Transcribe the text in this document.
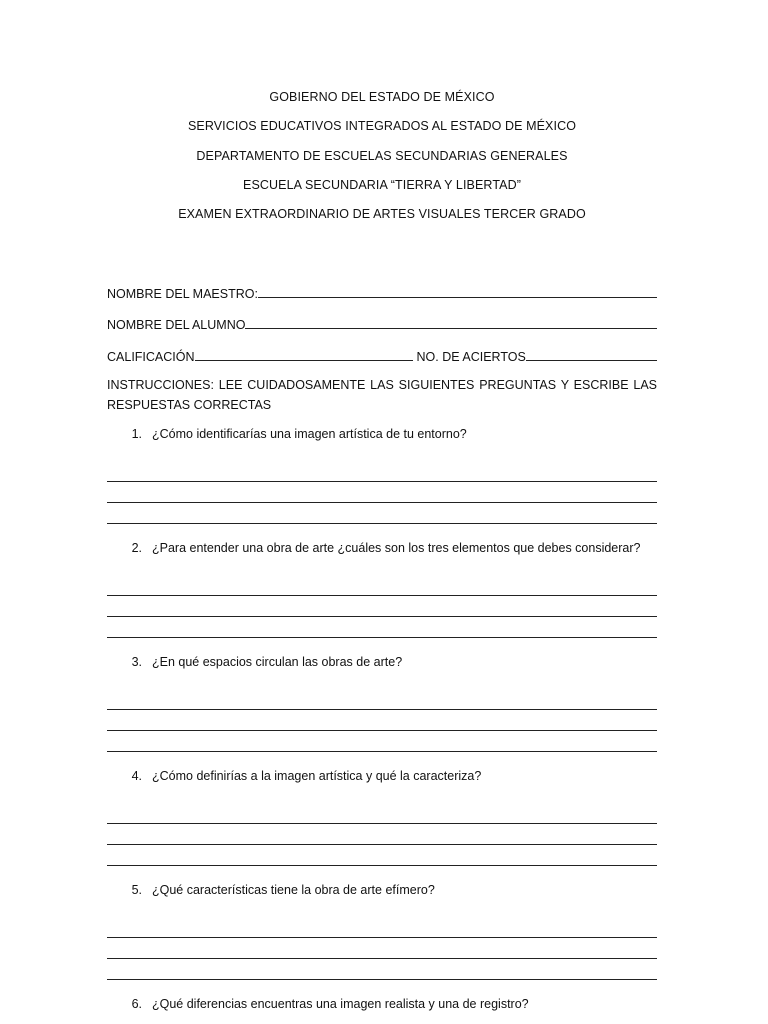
GOBIERNO DEL ESTADO DE MÉXICO
SERVICIOS EDUCATIVOS INTEGRADOS AL ESTADO DE MÉXICO
DEPARTAMENTO DE ESCUELAS SECUNDARIAS GENERALES
ESCUELA SECUNDARIA “TIERRA Y LIBERTAD”
EXAMEN EXTRAORDINARIO DE ARTES VISUALES TERCER GRADO
NOMBRE DEL MAESTRO:
NOMBRE DEL ALUMNO
CALIFICACIÓN	NO. DE ACIERTOS
INSTRUCCIONES: LEE CUIDADOSAMENTE LAS SIGUIENTES PREGUNTAS Y ESCRIBE LAS RESPUESTAS CORRECTAS
1. ¿Cómo identificarías una imagen artística de tu entorno?
2. ¿Para entender una obra de arte ¿cuáles son los tres elementos que debes considerar?
3. ¿En qué espacios circulan las obras de arte?
4. ¿Cómo definirías a la imagen artística y qué la caracteriza?
5. ¿Qué características tiene la obra de arte efímero?
6. ¿Qué diferencias encuentras una imagen realista y una de registro?
